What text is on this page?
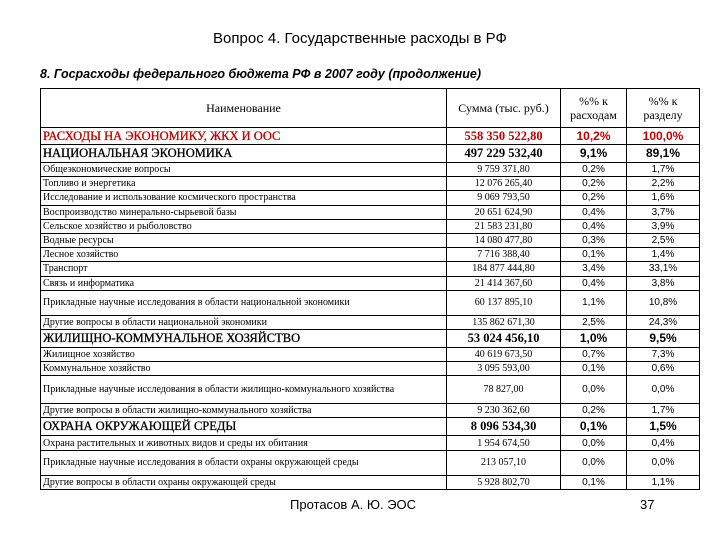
Вопрос 4. Государственные расходы в РФ
8. Госрасходы федерального бюджета РФ в 2007 году (продолжение)
Наименование	Сумма (тыс. руб.)	%% к расходам	%% к разделу
РАСХОДЫ НА ЭКОНОМИКУ, ЖКХ И ООС	558 350 522,80	10,2%	100,0%
НАЦИОНАЛЬНАЯ ЭКОНОМИКА	497 229 532,40	9,1%	89,1%
Общеэкономические вопросы	9 759 371,80	0,2%	1,7%
Топливо и энергетика	12 076 265,40	0,2%	2,2%
Исследование и использование космического пространства	9 069 793,50	0,2%	1,6%
Воспроизводство минерально-сырьевой базы	20 651 624,90	0,4%	3,7%
Сельское хозяйство и рыболовство	21 583 231,80	0,4%	3,9%
Водные ресурсы	14 080 477,80	0,3%	2,5%
Лесное хозяйство	7 716 388,40	0,1%	1,4%
Транспорт	184 877 444,80	3,4%	33,1%
Связь и информатика	21 414 367,60	0,4%	3,8%
Прикладные научные исследования в области национальной экономики	60 137 895,10	1,1%	10,8%
Другие вопросы в области национальной экономики	135 862 671,30	2,5%	24,3%
ЖИЛИЩНО-КОММУНАЛЬНОЕ ХОЗЯЙСТВО	53 024 456,10	1,0%	9,5%
Жилищное хозяйство	40 619 673,50	0,7%	7,3%
Коммунальное хозяйство	3 095 593,00	0,1%	0,6%
Прикладные научные исследования в области жилищно-коммунального хозяйства	78 827,00	0,0%	0,0%
Другие вопросы в области жилищно-коммунального хозяйства	9 230 362,60	0,2%	1,7%
ОХРАНА ОКРУЖАЮЩЕЙ СРЕДЫ	8 096 534,30	0,1%	1,5%
Охрана растительных и животных видов и среды их обитания	1 954 674,50	0,0%	0,4%
Прикладные научные исследования в области охраны окружающей среды	213 057,10	0,0%	0,0%
Другие вопросы в области охраны окружающей среды	5 928 802,70	0,1%	1,1%
Протасов А. Ю. ЭОС	37
